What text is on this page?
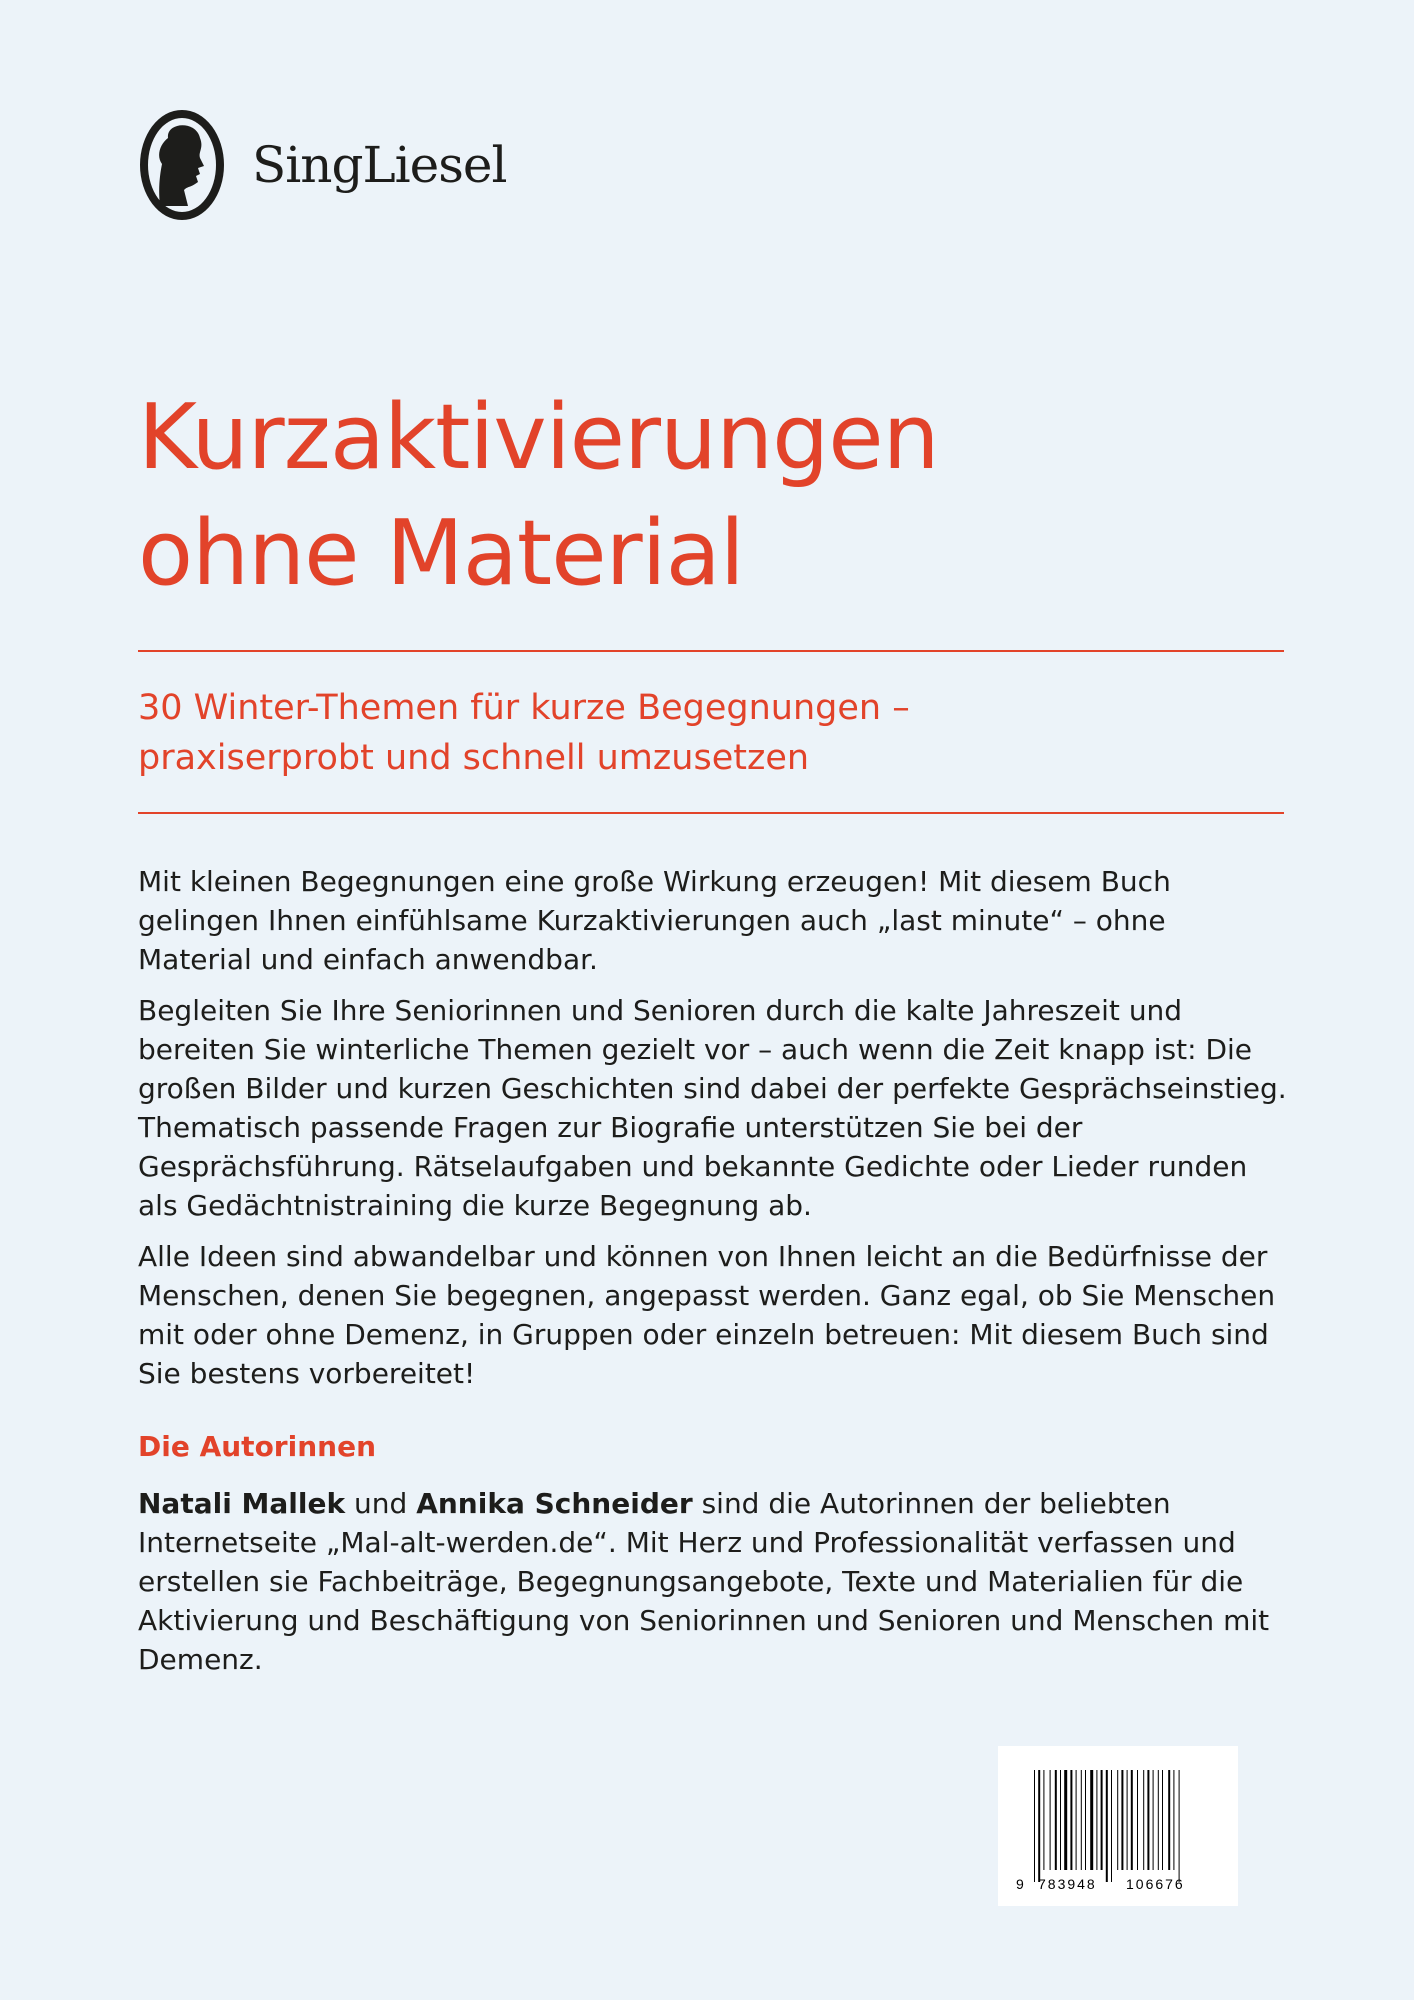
SingLiesel
Kurzaktivierungen
ohne Material
30 Winter-Themen für kurze Begegnungen –
praxiserprobt und schnell umzusetzen

Mit kleinen Begegnungen eine große Wirkung erzeugen! Mit diesem Buch gelingen Ihnen einfühlsame Kurzaktivierungen auch „last minute“ – ohne Material und einfach anwendbar.

Begleiten Sie Ihre Seniorinnen und Senioren durch die kalte Jahreszeit und bereiten Sie winterliche Themen gezielt vor – auch wenn die Zeit knapp ist: Die großen Bilder und kurzen Geschichten sind dabei der perfekte Gesprächseinstieg. Thematisch passende Fragen zur Biografie unterstützen Sie bei der Gesprächsführung. Rätselaufgaben und bekannte Gedichte oder Lieder runden als Gedächtnistraining die kurze Begegnung ab.

Alle Ideen sind abwandelbar und können von Ihnen leicht an die Bedürfnisse der Menschen, denen Sie begegnen, angepasst werden. Ganz egal, ob Sie Menschen mit oder ohne Demenz, in Gruppen oder einzeln betreuen: Mit diesem Buch sind Sie bestens vorbereitet!

Die Autorinnen

Natali Mallek und Annika Schneider sind die Autorinnen der beliebten Internetseite „Mal-alt-werden.de“. Mit Herz und Professionalität verfassen und erstellen sie Fachbeiträge, Begegnungsangebote, Texte und Materialien für die Aktivierung und Beschäftigung von Seniorinnen und Senioren und Menschen mit Demenz.

9 783948 106676
